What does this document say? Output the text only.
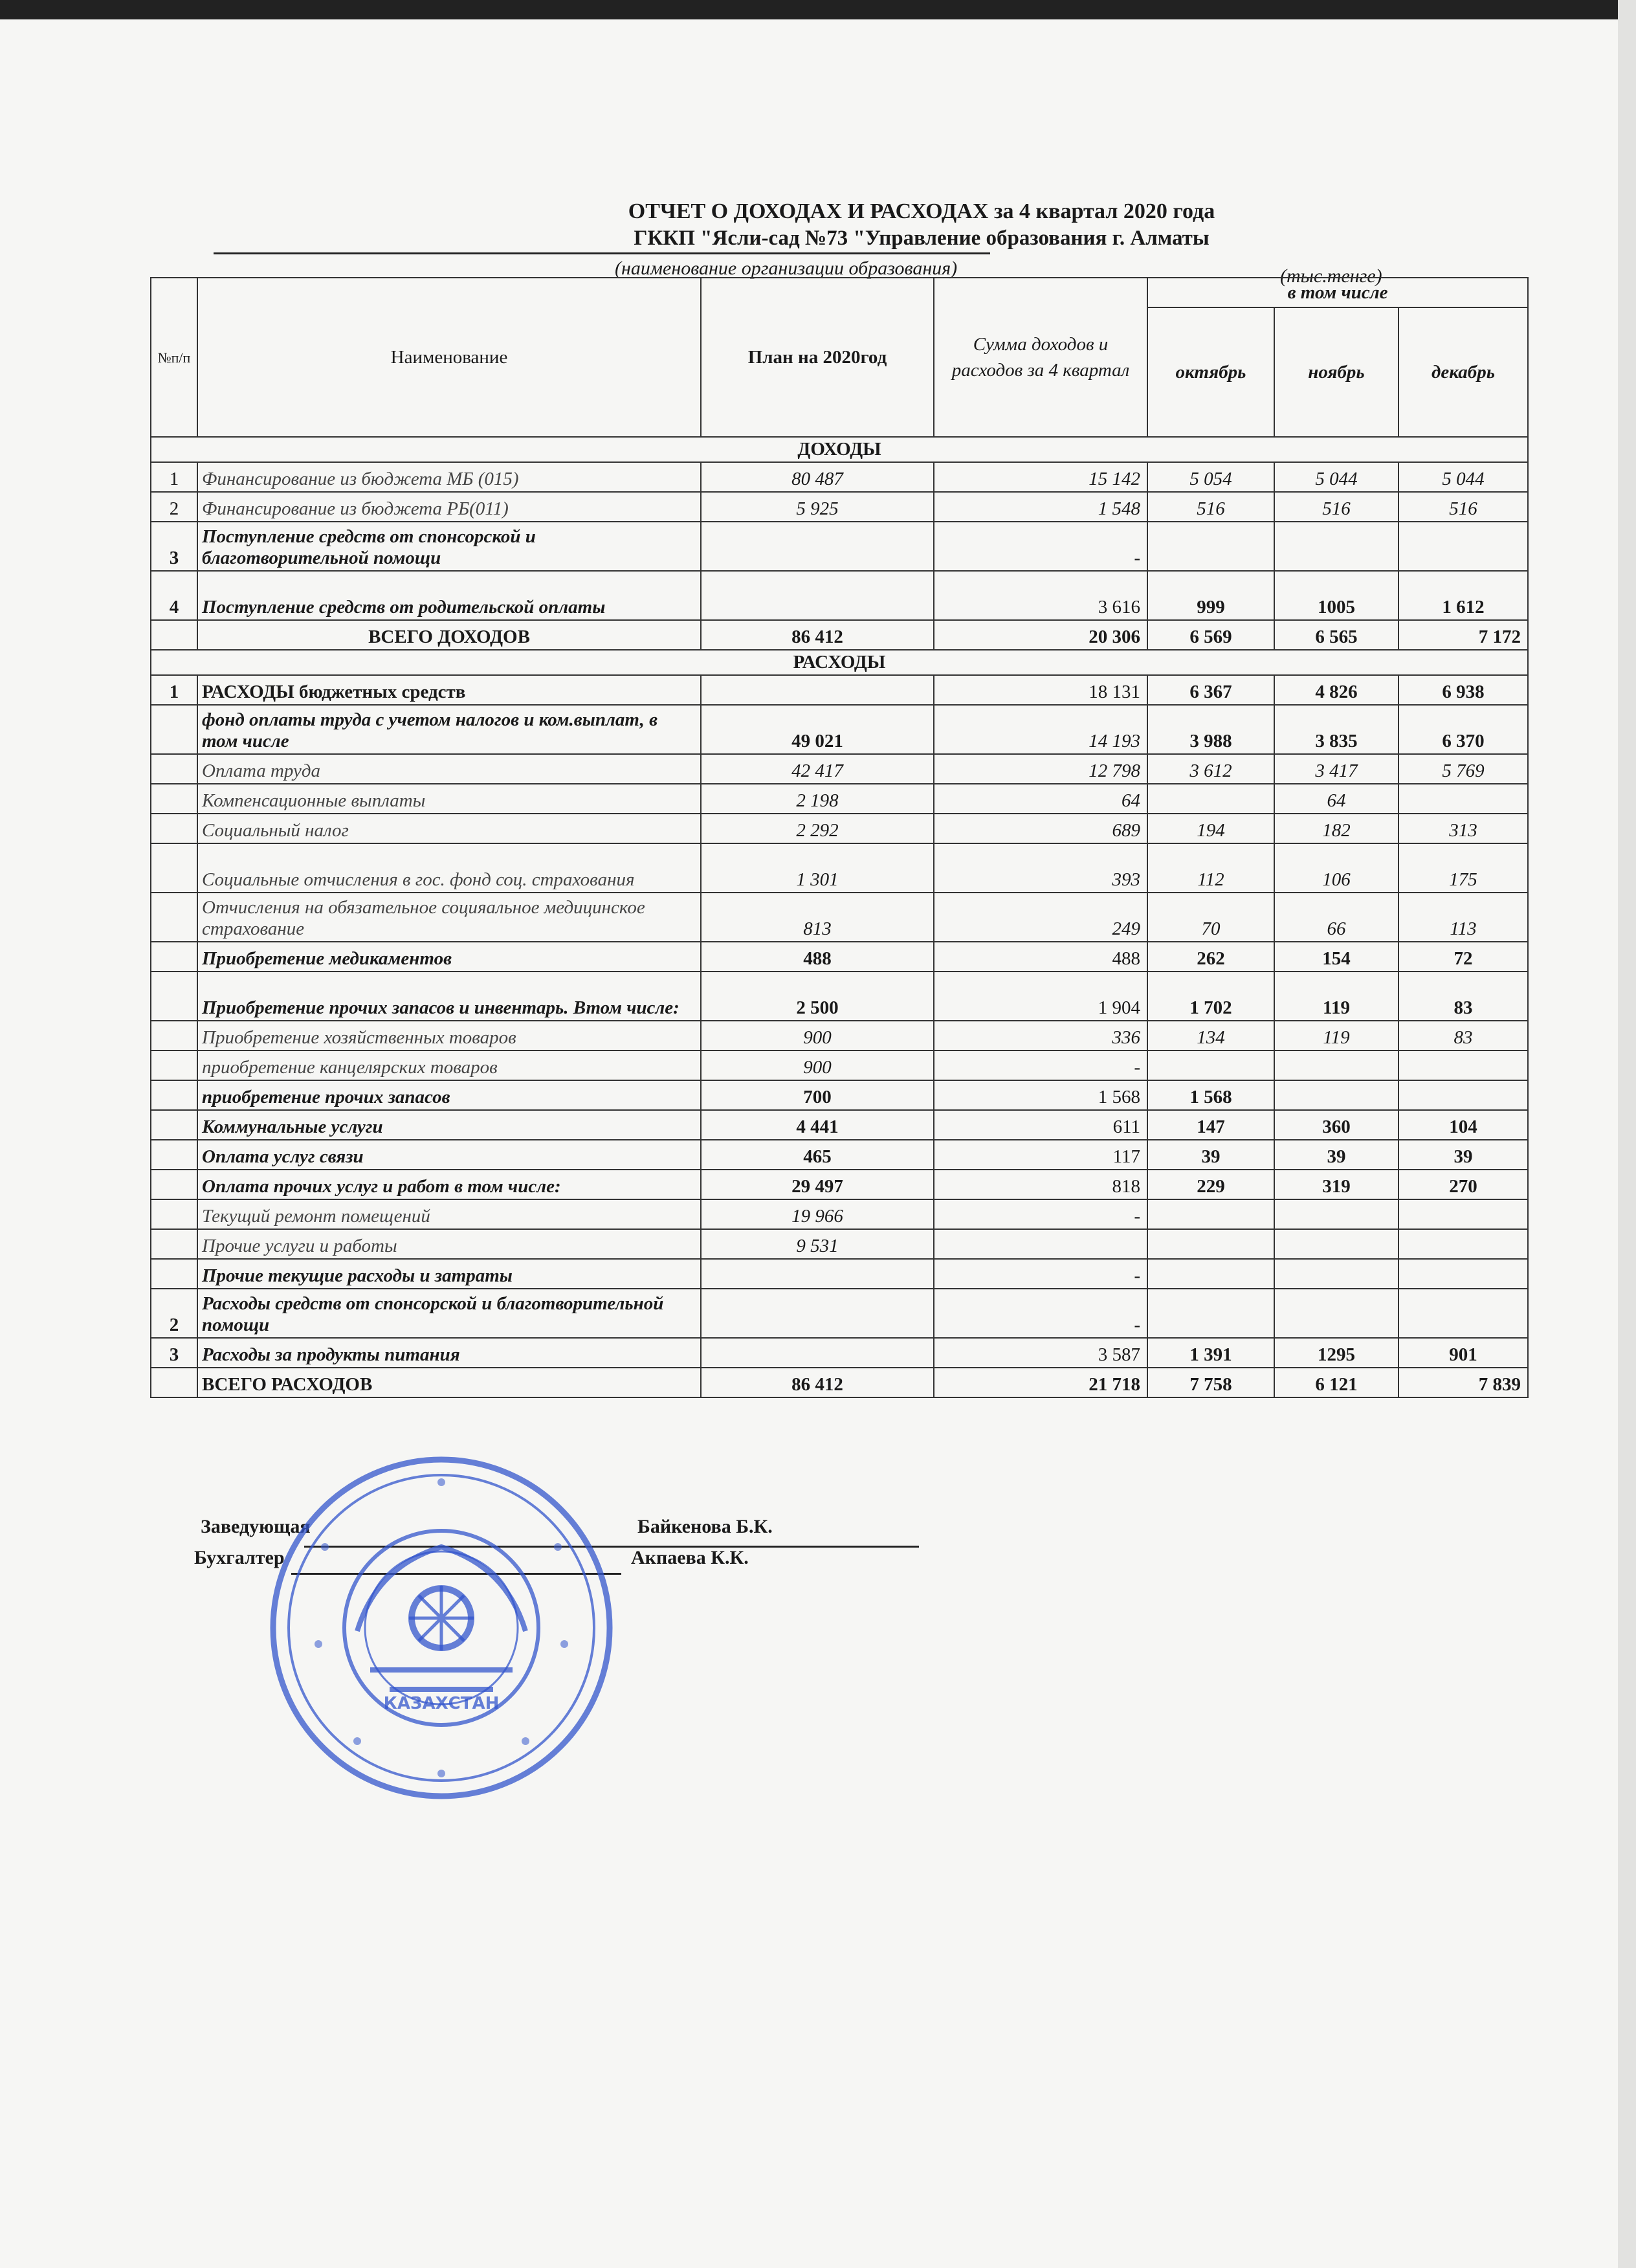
ОТЧЕТ О ДОХОДАХ И РАСХОДАХ за 4 квартал 2020 года
ГККП "Ясли-сад №73 "Управление образования г. Алматы
(наименование организации образования)	(тыс.тенге)
№п/п	Наименование	План на 2020год	Сумма доходов и расходов за 4 квартал	в том числе		
				октябрь	ноябрь	декабрь
ДОХОДЫ						
1	Финансирование из бюджета МБ (015)	80 487	15 142	5 054	5 044	5 044
2	Финансирование из бюджета РБ(011)	5 925	1 548	516	516	516
3	Поступление средств от спонсорской и благотворительной помощи		-			
4	Поступление средств от родительской оплаты		3 616	999	1005	1 612
	ВСЕГО ДОХОДОВ	86 412	20 306	6 569	6 565	7 172
РАСХОДЫ						
1	РАСХОДЫ бюджетных средств		18 131	6 367	4 826	6 938
	фонд оплаты труда с учетом налогов и ком.выплат, в том числе	49 021	14 193	3 988	3 835	6 370
	Оплата труда	42 417	12 798	3 612	3 417	5 769
	Компенсационные выплаты	2 198	64		64	
	Социальный налог	2 292	689	194	182	313
	Социальные отчисления в гос. фонд соц. страхования	1 301	393	112	106	175
	Отчисления на обязательное социяальное медицинское страхование	813	249	70	66	113
	Приобретение медикаментов	488	488	262	154	72
	Приобретение прочих запасов и инвентарь. Втом числе:	2 500	1 904	1 702	119	83
	Приобретение хозяйственных товаров	900	336	134	119	83
	приобретение канцелярских товаров	900	-			
	приобретение прочих запасов	700	1 568	1 568		
	Коммунальные услуги	4 441	611	147	360	104
	Оплата услуг связи	465	117	39	39	39
	Оплата прочих услуг и работ в том числе:	29 497	818	229	319	270
	Текущий ремонт помещений	19 966	-			
	Прочие услуги и работы	9 531				
	Прочие текущие расходы и затраты		-			
2	Расходы средств от спонсорской и благотворительной помощи		-			
3	Расходы за продукты питания		3 587	1 391	1295	901
	ВСЕГО РАСХОДОВ	86 412	21 718	7 758	6 121	7 839
Заведующая	Байкенова Б.К.
Бухгалтер	Акпаева К.К.
КАЗАХСТАН
